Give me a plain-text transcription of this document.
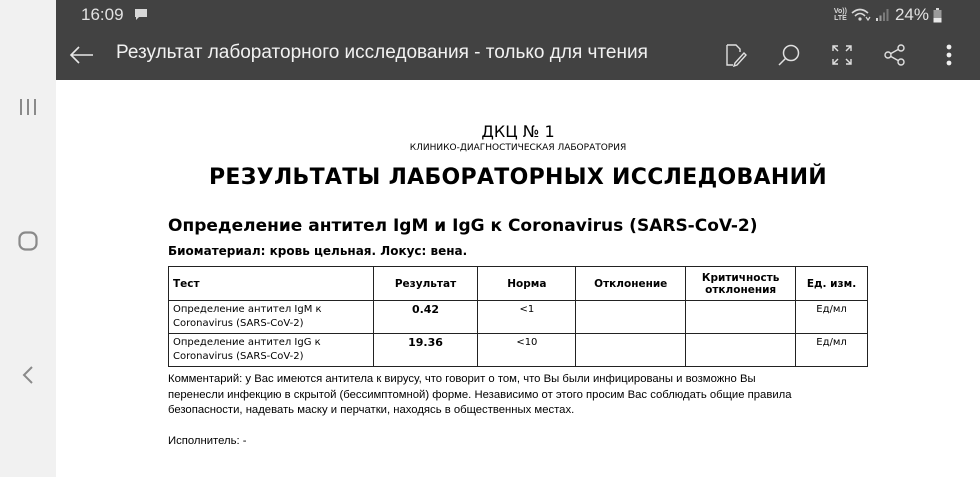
16:09	Vo))
LTE	24%
Результат лабораторного исследования - только для чтения
ДКЦ № 1
КЛИНИКО-ДИАГНОСТИЧЕСКАЯ ЛАБОРАТОРИЯ
РЕЗУЛЬТАТЫ ЛАБОРАТОРНЫХ ИССЛЕДОВАНИЙ
Определение антител IgM и IgG к Coronavirus (SARS-CoV-2)
Биоматериал: кровь цельная. Локус: вена.
Тест	Результат	Норма	Отклонение	Критичность отклонения	Ед. изм.
Определение антител IgM к Coronavirus (SARS-CoV-2)	0.42	<1			Ед/мл
Определение антител IgG к Coronavirus (SARS-CoV-2)	19.36	<10			Ед/мл
Комментарий: у Вас имеются антитела к вирусу, что говорит о том, что Вы были инфицированы и возможно Вы перенесли инфекцию в скрытой (бессимптомной) форме. Независимо от этого просим Вас соблюдать общие правила безопасности, надевать маску и перчатки, находясь в общественных местах.
Исполнитель: -
